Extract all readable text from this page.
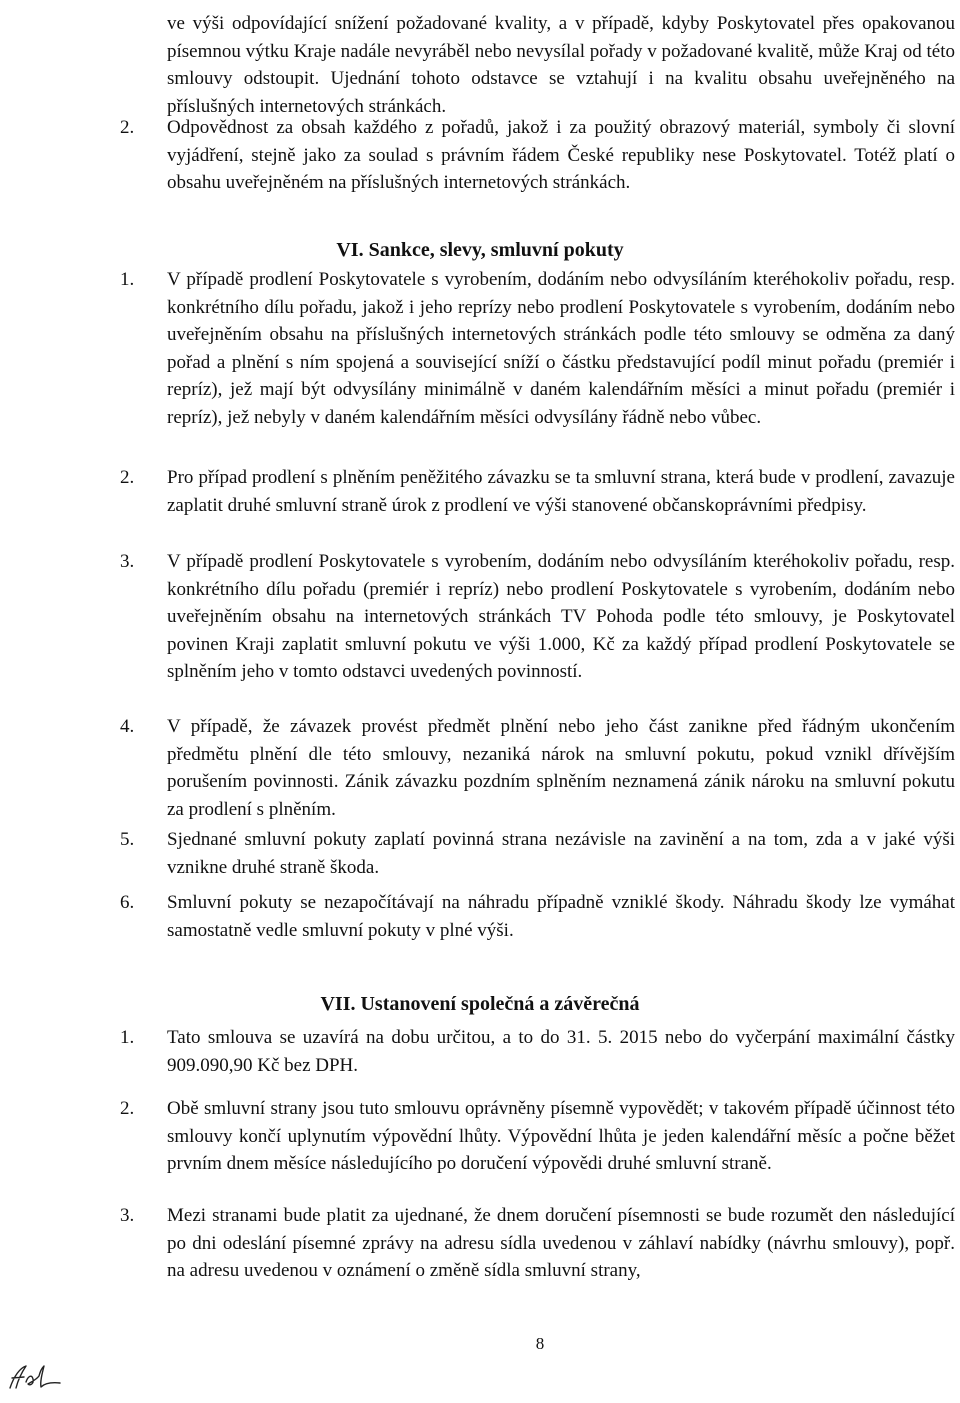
ve výši odpovídající snížení požadované kvality, a v případě, kdyby Poskytovatel přes opakovanou písemnou výtku Kraje nadále nevyráběl nebo nevysílal pořady v požadované kvalitě, může Kraj od této smlouvy odstoupit. Ujednání tohoto odstavce se vztahují i na kvalitu obsahu uveřejněného na příslušných internetových stránkách.

2.	Odpovědnost za obsah každého z pořadů, jakož i za použitý obrazový materiál, symboly či slovní vyjádření, stejně jako za soulad s právním řádem České republiky nese Poskytovatel. Totéž platí o obsahu uveřejněném na příslušných internetových stránkách.
VI. Sankce, slevy, smluvní pokuty
1.	V případě prodlení Poskytovatele s vyrobením, dodáním nebo odvysíláním kteréhokoliv pořadu, resp. konkrétního dílu pořadu, jakož i jeho reprízy nebo prodlení Poskytovatele s vyrobením, dodáním nebo uveřejněním obsahu na příslušných internetových stránkách podle této smlouvy se odměna za daný pořad a plnění s ním spojená a související sníží o částku představující podíl minut pořadu (premiér i repríz), jež mají být odvysílány minimálně v daném kalendářním měsíci a minut pořadu (premiér i repríz), jež nebyly v daném kalendářním měsíci odvysílány řádně nebo vůbec.
2.	Pro případ prodlení s plněním peněžitého závazku se ta smluvní strana, která bude v prodlení, zavazuje zaplatit druhé smluvní straně úrok z prodlení ve výši stanovené občanskoprávními předpisy.
3.	V případě prodlení Poskytovatele s vyrobením, dodáním nebo odvysíláním kteréhokoliv pořadu, resp. konkrétního dílu pořadu (premiér i repríz) nebo prodlení Poskytovatele s vyrobením, dodáním nebo uveřejněním obsahu na internetových stránkách TV Pohoda podle této smlouvy, je Poskytovatel povinen Kraji zaplatit smluvní pokutu ve výši 1.000, Kč za každý případ prodlení Poskytovatele se splněním jeho v tomto odstavci uvedených povinností.
4.	V případě, že závazek provést předmět plnění nebo jeho část zanikne před řádným ukončením předmětu plnění dle této smlouvy, nezaniká nárok na smluvní pokutu, pokud vznikl dřívějším porušením povinnosti. Zánik závazku pozdním splněním neznamená zánik nároku na smluvní pokutu za prodlení s plněním.
5.	Sjednané smluvní pokuty zaplatí povinná strana nezávisle na zavinění a na tom, zda a v jaké výši vznikne druhé straně škoda.
6.	Smluvní pokuty se nezapočítávají na náhradu případně vzniklé škody. Náhradu škody lze vymáhat samostatně vedle smluvní pokuty v plné výši.
VII. Ustanovení společná a závěrečná
1.	Tato smlouva se uzavírá na dobu určitou, a to do 31. 5. 2015 nebo do vyčerpání maximální částky 909.090,90 Kč bez DPH.
2.	Obě smluvní strany jsou tuto smlouvu oprávněny písemně vypovědět; v takovém případě účinnost této smlouvy končí uplynutím výpovědní lhůty. Výpovědní lhůta je jeden kalendářní měsíc a počne běžet prvním dnem měsíce následujícího po doručení výpovědi druhé smluvní straně.
3.	Mezi stranami bude platit za ujednané, že dnem doručení písemnosti se bude rozumět den následující po dni odeslání písemné zprávy na adresu sídla uvedenou v záhlaví nabídky (návrhu smlouvy), popř. na adresu uvedenou v oznámení o změně sídla smluvní strany,
8
